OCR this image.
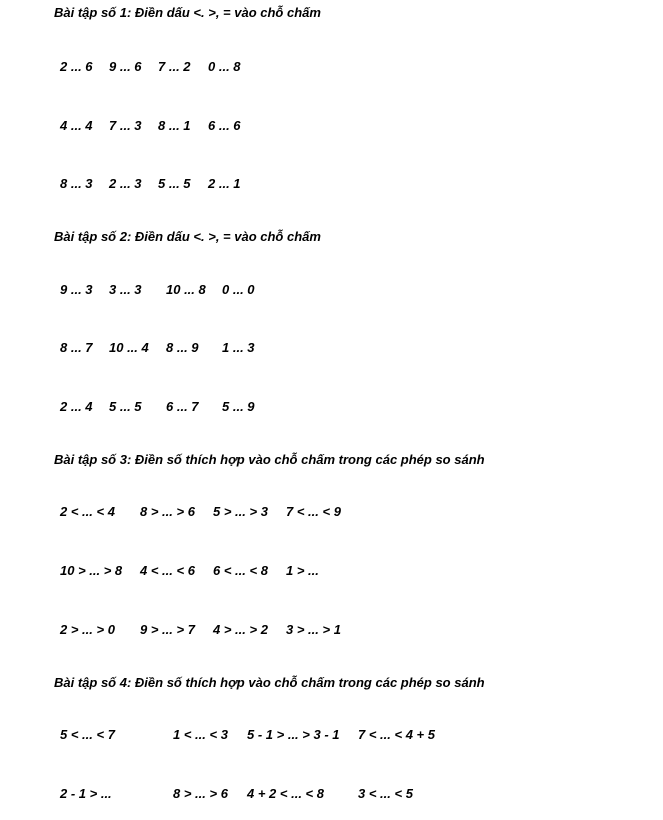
Bài tập số 1: Điền dấu <. >, = vào chỗ chấm
2 ... 6 9 ... 6 7 ... 2 0 ... 8
4 ... 4 7 ... 3 8 ... 1 6 ... 6
8 ... 3 2 ... 3 5 ... 5 2 ... 1
Bài tập số 2: Điền dấu <. >, = vào chỗ chấm
9 ... 3 3 ... 3 10 ... 8 0 ... 0
8 ... 7 10 ... 4 8 ... 9 1 ... 3
2 ... 4 5 ... 5 6 ... 7 5 ... 9
Bài tập số 3: Điền số thích hợp vào chỗ chấm trong các phép so sánh
2 < ... < 4 8 > ... > 6 5 > ... > 3 7 < ... < 9
10 > ... > 8 4 < ... < 6 6 < ... < 8 1 > ...
2 > ... > 0 9 > ... > 7 4 > ... > 2 3 > ... > 1
Bài tập số 4: Điền số thích hợp vào chỗ chấm trong các phép so sánh
5 < ... < 7	1 < ... < 3 5 - 1 > ... > 3 - 1 7 < ... < 4 + 5
2 - 1 > ...	8 > ... > 6 4 + 2 < ... < 8	3 < ... < 5
